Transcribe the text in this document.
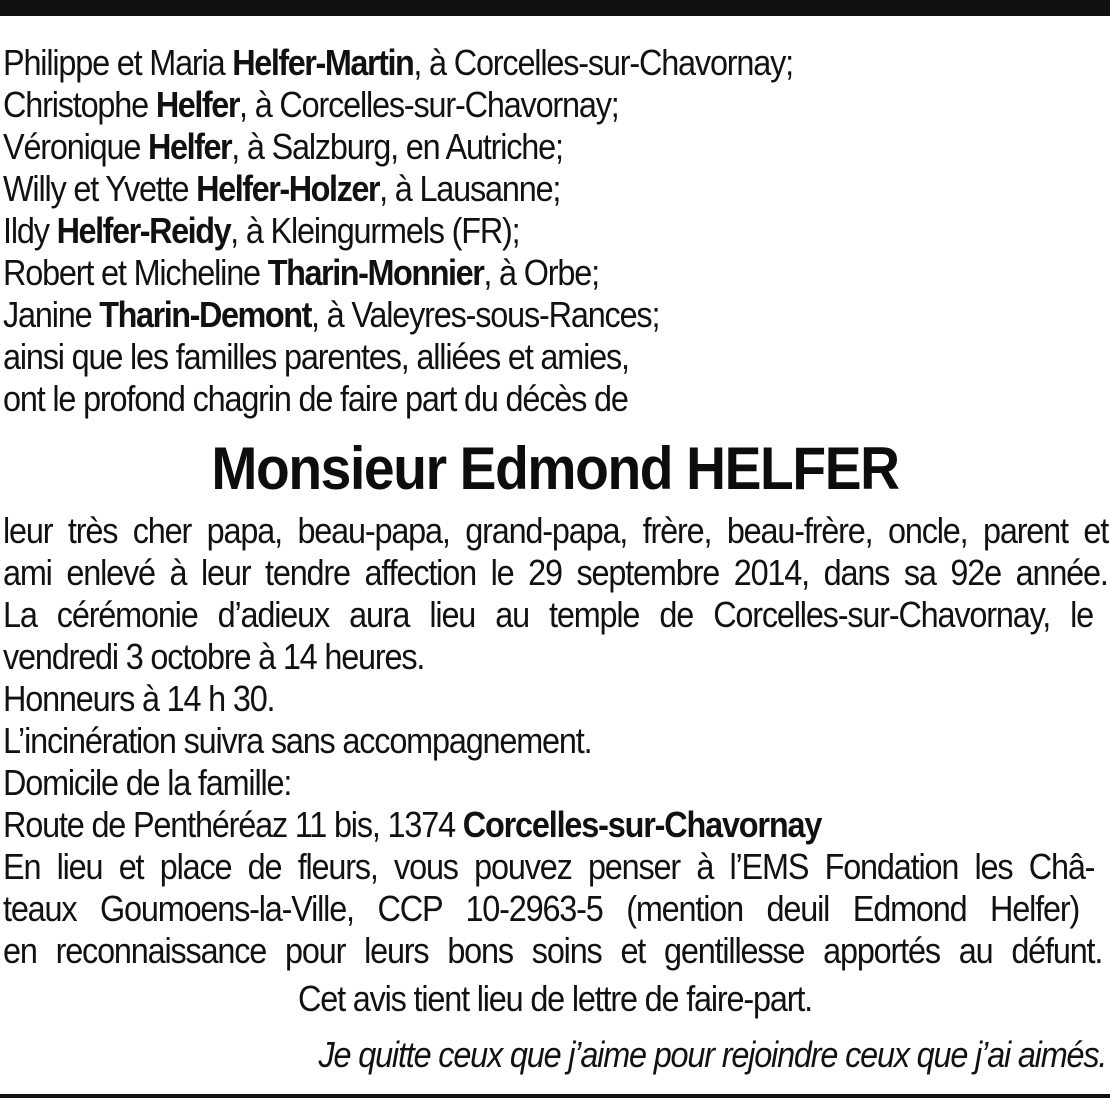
Philippe et Maria Helfer-Martin, à Corcelles-sur-Chavornay;
Christophe Helfer, à Corcelles-sur-Chavornay;
Véronique Helfer, à Salzburg, en Autriche;
Willy et Yvette Helfer-Holzer, à Lausanne;
Ildy Helfer-Reidy, à Kleingurmels (FR);
Robert et Micheline Tharin-Monnier, à Orbe;
Janine Tharin-Demont, à Valeyres-sous-Rances;
ainsi que les familles parentes, alliées et amies,
ont le profond chagrin de faire part du décès de
Monsieur Edmond HELFER
leur très cher papa, beau-papa, grand-papa, frère, beau-frère, oncle, parent et
ami enlevé à leur tendre affection le 29 septembre 2014, dans sa 92e année.
La cérémonie d’adieux aura lieu au temple de Corcelles-sur-Chavornay, le
vendredi 3 octobre à 14 heures.
Honneurs à 14 h 30.
L’incinération suivra sans accompagnement.
Domicile de la famille:
Route de Penthéréaz 11 bis, 1374 Corcelles-sur-Chavornay
En lieu et place de fleurs, vous pouvez penser à l’EMS Fondation les Châ-
teaux Goumoens-la-Ville, CCP 10-2963-5 (mention deuil Edmond Helfer)
en reconnaissance pour leurs bons soins et gentillesse apportés au défunt.
Cet avis tient lieu de lettre de faire-part.
Je quitte ceux que j’aime pour rejoindre ceux que j’ai aimés.
